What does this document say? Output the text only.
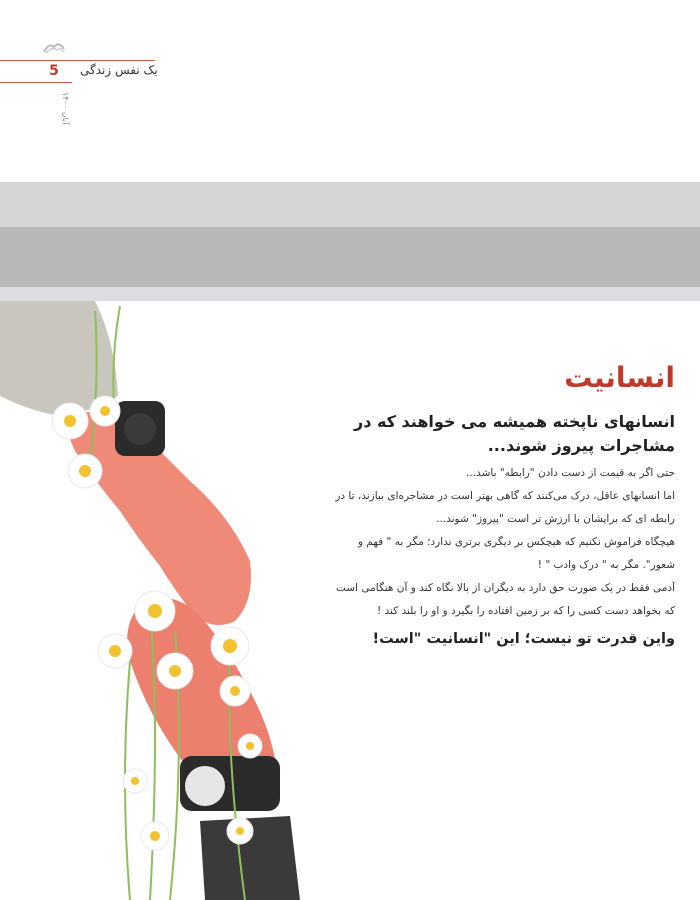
5	یک نفس زندگی
آبان ۱۴۰۰
انسانیت

انسانهای ناپخته همیشه می خواهند که در مشاجرات پیروز شوند...

حتی اگر به قیمت از دست دادن "رابطه" باشد...

اما انسانهای عاقل، درک می‌کنند که گاهی بهتر است در مشاجره‌ای ببازند، تا در رابطه ای که برایشان با ارزش تر است "پیروز" شوند...

هیچگاه فراموش نکنیم که هیچکس بر دیگری برتری ندارد؛ مگر به " فهم و شعور". مگر به " درک وادب " !

آدمی فقط در یک صورت حق دارد به دیگران از بالا نگاه کند و آن هنگامی است که بخواهد دست کسی را که بر زمین افتاده را بگیرد و او را بلند کند !

واین قدرت تو نیست؛ این "انسانیت "است!
